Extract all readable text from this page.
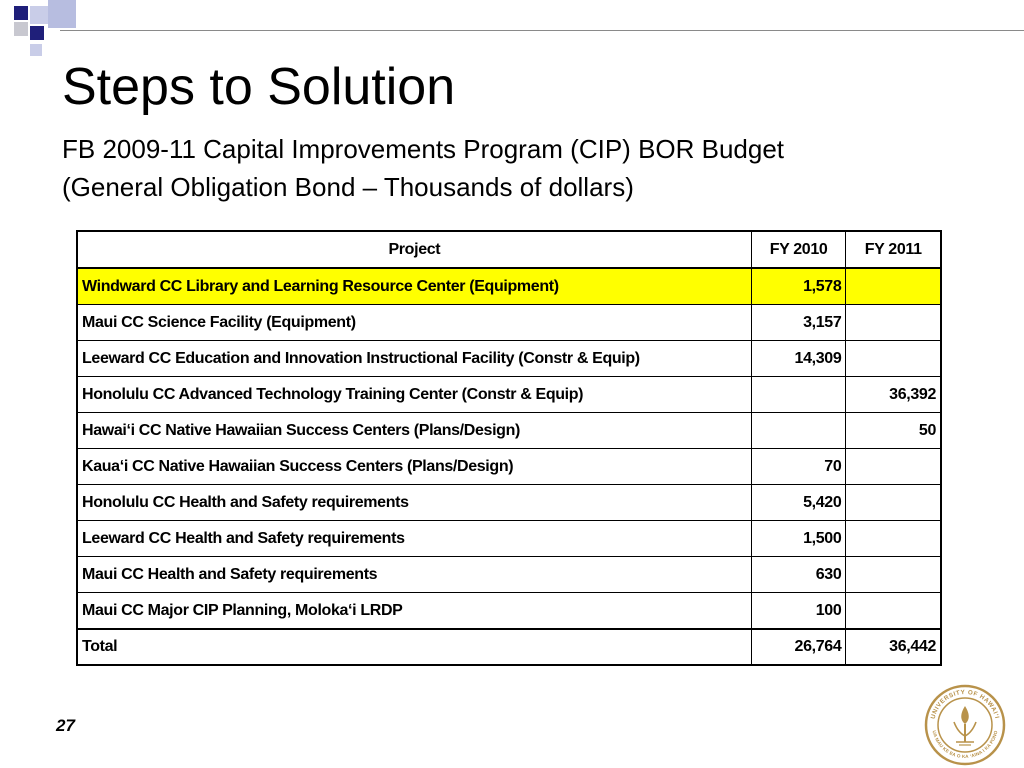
Steps to Solution
FB 2009-11 Capital Improvements Program (CIP) BOR Budget
(General Obligation Bond – Thousands of dollars)
Project	FY 2010	FY 2011
Windward CC Library and Learning Resource Center (Equipment)	1,578	
Maui CC Science Facility (Equipment)	3,157	
Leeward CC Education and Innovation Instructional Facility (Constr & Equip)	14,309	
Honolulu CC Advanced Technology Training Center (Constr & Equip)		36,392
Hawai‘i CC Native Hawaiian Success Centers (Plans/Design)		50
Kaua‘i CC Native Hawaiian Success Centers (Plans/Design)	70	
Honolulu CC Health and Safety requirements	5,420	
Leeward CC Health and Safety requirements	1,500	
Maui CC Health and Safety requirements	630	
Maui CC Major CIP Planning, Moloka‘i LRDP	100	
Total	26,764	36,442
27	UNIVERSITY OF HAWAI‘I
UA MAU KE EA O KA ʻAINA I KA PONO
